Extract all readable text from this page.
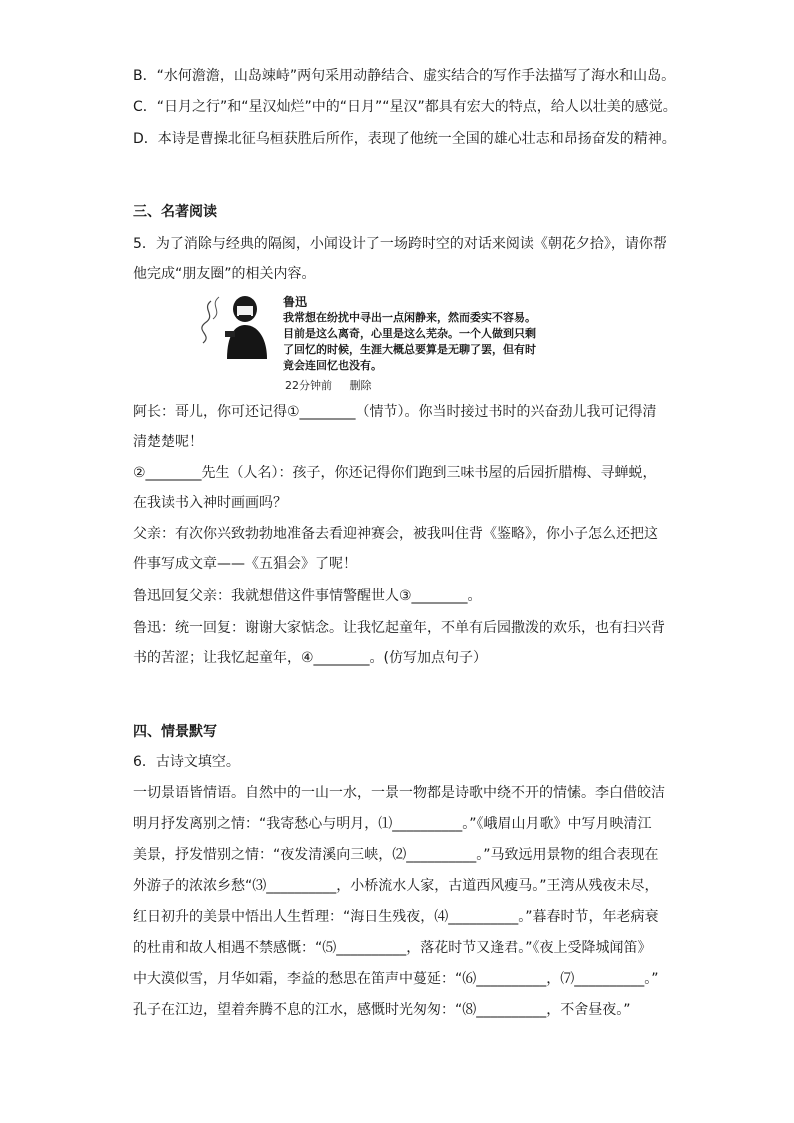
B．“水何澹澹，山岛竦峙”两句采用动静结合、虚实结合的写作手法描写了海水和山岛。
C．“日月之行”和“星汉灿烂”中的“日月”“星汉”都具有宏大的特点，给人以壮美的感觉。
D．本诗是曹操北征乌桓获胜后所作，表现了他统一全国的雄心壮志和昂扬奋发的精神。
三、名著阅读
5．为了消除与经典的隔阂，小闻设计了一场跨时空的对话来阅读《朝花夕拾》，请你帮
他完成“朋友圈”的相关内容。
鲁迅
我常想在纷扰中寻出一点闲静来，然而委实不容易。
目前是这么离奇，心里是这么芜杂。一个人做到只剩
了回忆的时候，生涯大概总要算是无聊了罢，但有时
竟会连回忆也没有。
22分钟前 删除
阿长：哥儿，你可还记得①________（情节）。你当时接过书时的兴奋劲儿我可记得清
清楚楚呢！
②________先生（人名）：孩子，你还记得你们跑到三味书屋的后园折腊梅、寻蝉蜕，
在我读书入神时画画吗？
父亲：有次你兴致勃勃地准备去看迎神赛会，被我叫住背《鉴略》，你小子怎么还把这
件事写成文章——《五猖会》了呢！
鲁迅回复父亲：我就想借这件事情警醒世人③________。
鲁迅：统一回复：谢谢大家惦念。让我忆起童年，不单有后园撒泼的欢乐，也有扫兴背
书的苦涩；让我忆起童年，④________。(仿写加点句子）
四、情景默写
6．古诗文填空。
一切景语皆情语。自然中的一山一水，一景一物都是诗歌中绕不开的情愫。李白借皎洁
明月抒发离别之情：“我寄愁心与明月，⑴__________。”《峨眉山月歌》中写月映清江
美景，抒发惜别之情：“夜发清溪向三峡，⑵__________。”马致远用景物的组合表现在
外游子的浓浓乡愁“⑶__________，小桥流水人家，古道西风瘦马。”王湾从残夜未尽，
红日初升的美景中悟出人生哲理：“海日生残夜，⑷__________。”暮春时节，年老病衰
的杜甫和故人相遇不禁感慨：“⑸__________，落花时节又逢君。”《夜上受降城闻笛》
中大漠似雪，月华如霜，李益的愁思在笛声中蔓延：“⑹__________，⑺__________。”
孔子在江边，望着奔腾不息的江水，感慨时光匆匆：“⑻__________，不舍昼夜。”
